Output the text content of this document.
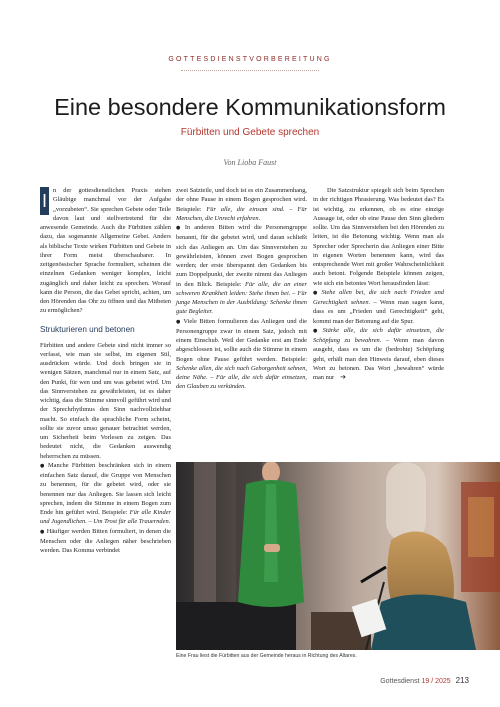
GOTTESDIENSTVORBEREITUNG
Eine besondere Kommunikationsform
Fürbitten und Gebete sprechen
Von Lioba Faust

I
n der gottesdienstlichen Praxis stehen Gläubige manchmal vor der Aufgabe „vorzubeten“. Sie sprechen Gebete oder Teile davon laut und stellvertretend für die anwesende Gemeinde. Auch die Fürbitten zählen dazu, das sogenannte Allgemeine Gebet. Anders als biblische Texte wirken Fürbitten und Gebete in ihrer Form meist überschaubarer. In zeitgenössischer Sprache formuliert, scheinen die einzelnen Gedanken weniger komplex, leicht zugänglich und daher leicht zu sprechen. Worauf kann die Person, die das Gebet spricht, achten, um den Hörenden das Ohr zu öffnen und das Mitbeten zu ermöglichen?

Strukturieren und betonen

Fürbitten und andere Gebete sind nicht immer so verfasst, wie man sie selbst, im eigenen Stil, ausdrücken würde. Und doch bringen sie in wenigen Sätzen, manchmal nur in einem Satz, auf den Punkt, für wen und um was gebetet wird. Um das Sinnverstehen zu gewährleisten, ist es daher wichtig, dass die Stimme sinnvoll geführt wird und der Sprechrhythmus den Sinn nachvollziehbar macht. So einfach die sprachliche Form scheint, sollte sie zuvor umso genauer betrachtet werden, um Sicherheit beim Vorlesen zu zeigen. Das bedeutet nicht, die Gedanken auswendig beherrschen zu müssen.

● Manche Fürbitten beschränken sich in einem einfachen Satz darauf, die Gruppe von Menschen zu benennen, für die gebetet wird, oder sie benennen nur das Anliegen. Sie lassen sich leicht sprechen, indem die Stimme in einem Bogen zum Ende hin geführt wird. Beispiele: Für alle Kinder und Jugendlichen. – Um Trost für alle Trauernden.

● Häufiger werden Bitten formuliert, in denen die Menschen oder die Anliegen näher beschrieben werden. Das Komma verbindet

zwei Satzteile, und doch ist es ein Zusammenhang, der ohne Pause in einem Bogen gesprochen wird. Beispiele: Für alle, die einsam sind. – Für Menschen, die Unrecht erfahren.

● In anderen Bitten wird die Personengruppe benannt, für die gebetet wird, und daran schließt sich das Anliegen an. Um das Sinnverstehen zu gewährleisten, können zwei Bogen gesprochen werden; der erste überspannt den Gedanken bis zum Doppelpunkt, der zweite nimmt das Anliegen in den Blick. Beispiele: Für alle, die an einer schweren Krankheit leiden: Stehe ihnen bei. – Für junge Menschen in der Ausbildung: Schenke ihnen gute Begleiter.

● Viele Bitten formulieren das Anliegen und die Personengruppe zwar in einem Satz, jedoch mit einem Einschub. Weil der Gedanke erst am Ende abgeschlossen ist, sollte auch die Stimme in einem Bogen ohne Pause geführt werden. Beispiele: Schenke allen, die sich nach Geborgenheit sehnen, deine Nähe. – Für alle, die sich dafür einsetzen, den Glauben zu verkünden.

Die Satzstruktur spiegelt sich beim Sprechen in der richtigen Phrasierung. Was bedeutet das? Es ist wichtig, zu erkennen, ob es eine einzige Aussage ist, oder ob eine Pause den Sinn gliedern sollte. Um das Sinnverstehen bei den Hörenden zu leiten, ist die Betonung wichtig. Wenn man als Sprecher oder Sprecherin das Anliegen einer Bitte in eigenen Worten benennen kann, wird das entsprechende Wort mit großer Wahrscheinlichkeit auch betont. Folgende Beispiele können zeigen, wie sich ein betontes Wort herausfinden lässt:

● Stehe allen bei, die sich nach Frieden und Gerechtigkeit sehnen. – Wenn man sagen kann, dass es um „Frieden und Gerechtigkeit“ geht, kommt man der Betonung auf die Spur.

● Stärke alle, die sich dafür einsetzen, die Schöpfung zu bewahren. – Wenn man davon ausgeht, dass es um die (bedrohte) Schöpfung geht, erhält man den Hinweis darauf, eben dieses Wort zu betonen. Das Wort „bewahren“ würde man nur ➔

Eine Frau liest die Fürbitten aus der Gemeinde heraus in Richtung des Altares.
Gottesdienst 19 / 2025 213
